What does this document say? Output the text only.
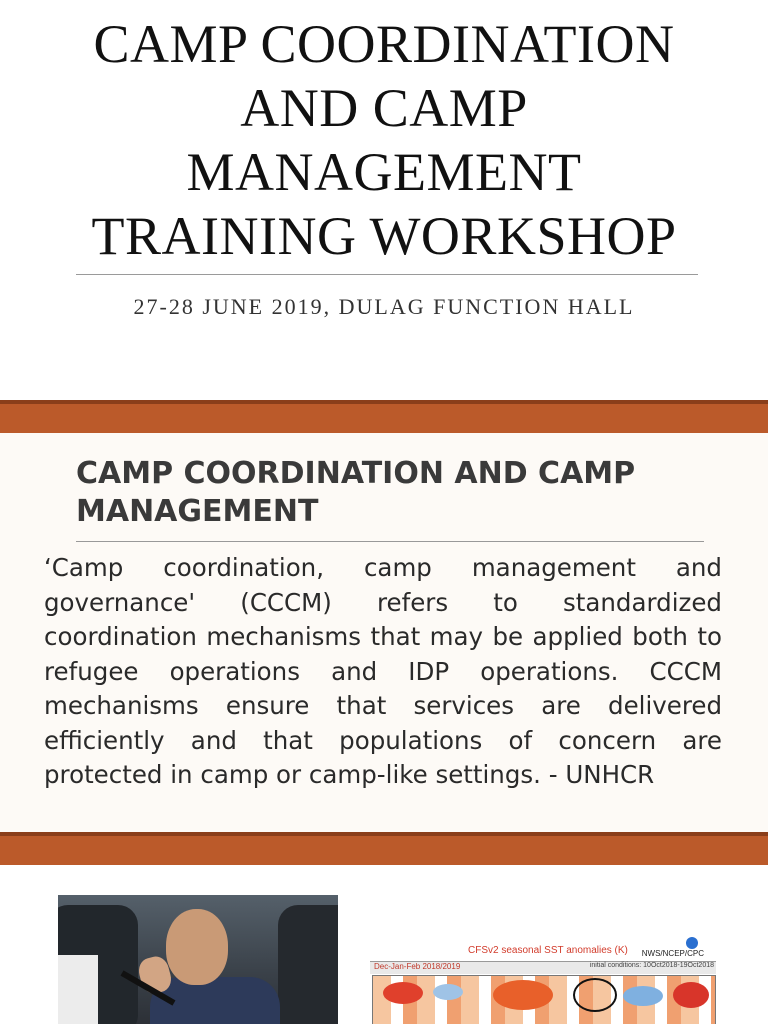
CAMP COORDINATION
AND CAMP
MANAGEMENT
TRAINING WORKSHOP
27-28 JUNE 2019, DULAG FUNCTION HALL
CAMP COORDINATION AND CAMP MANAGEMENT

‘Camp coordination, camp management and governance' (CCCM) refers to standardized coordination mechanisms that may be applied both to refugee operations and IDP operations. CCCM mechanisms ensure that services are delivered efficiently and that populations of concern are protected in camp or camp-like settings. - UNHCR

CFSv2 seasonal SST anomalies (K) NWS/NCEP/CPC
Dec-Jan-Feb 2018/2019	initial conditions: 10Oct2018-19Oct2018
